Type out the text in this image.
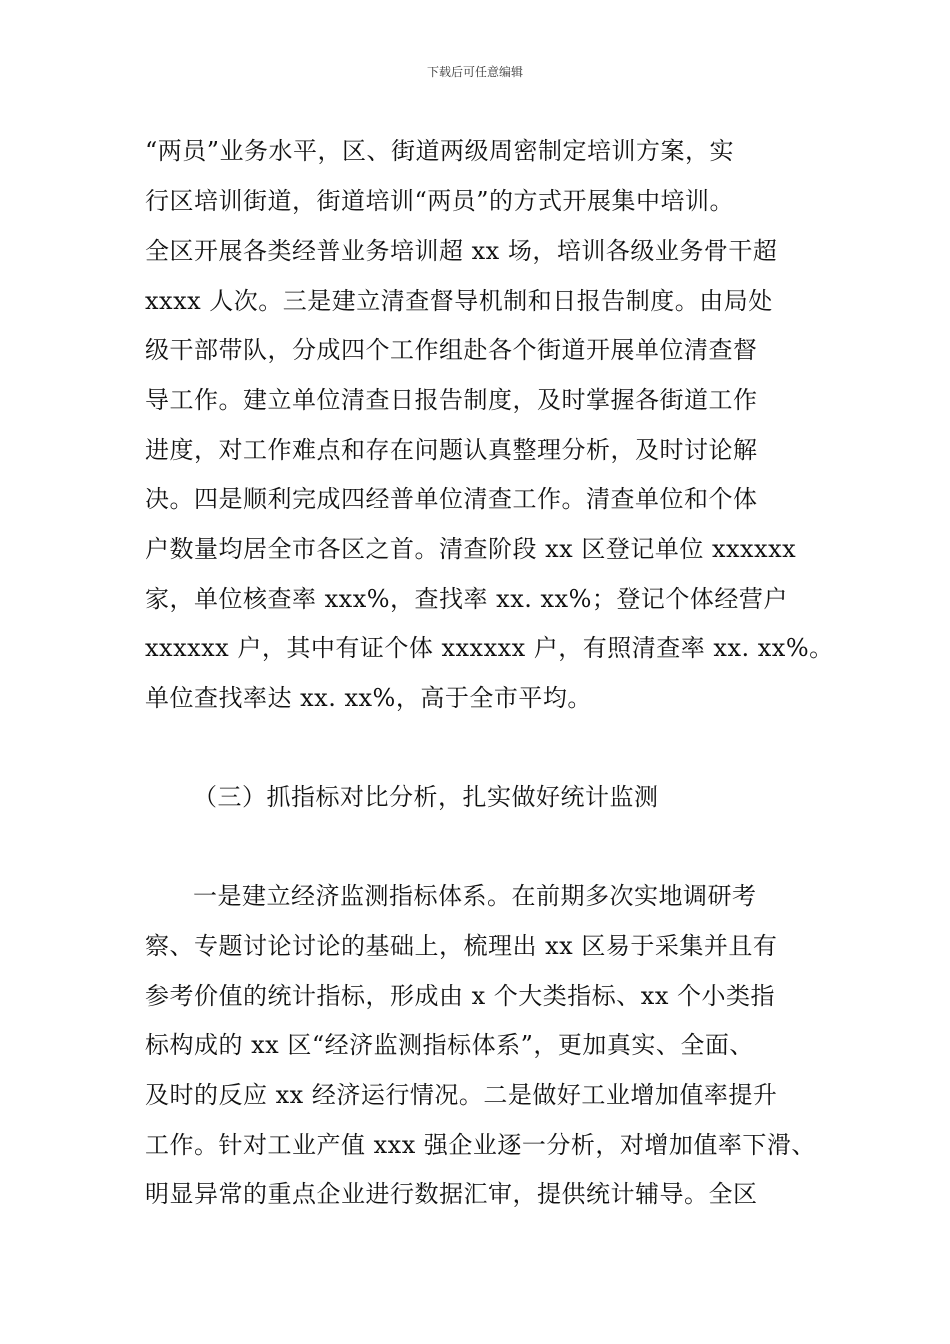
下载后可任意编辑
“两员”业务水平，区、街道两级周密制定培训方案，实
行区培训街道，街道培训“两员”的方式开展集中培训。
全区开展各类经普业务培训超 xx 场，培训各级业务骨干超
xxxx 人次。三是建立清查督导机制和日报告制度。由局处
级干部带队，分成四个工作组赴各个街道开展单位清查督
导工作。建立单位清查日报告制度，及时掌握各街道工作
进度，对工作难点和存在问题认真整理分析，及时讨论解
决。四是顺利完成四经普单位清查工作。清查单位和个体
户数量均居全市各区之首。清查阶段 xx 区登记单位 xxxxxx
家，单位核查率 xxx%，查找率 xx. xx%；登记个体经营户
xxxxxx 户，其中有证个体 xxxxxx 户，有照清查率 xx. xx%。
单位查找率达 xx. xx%，高于全市平均。
（三）抓指标对比分析，扎实做好统计监测
一是建立经济监测指标体系。在前期多次实地调研考
察、专题讨论讨论的基础上，梳理出 xx 区易于采集并且有
参考价值的统计指标，形成由 x 个大类指标、xx 个小类指
标构成的 xx 区“经济监测指标体系”，更加真实、全面、
及时的反应 xx 经济运行情况。二是做好工业增加值率提升
工作。针对工业产值 xxx 强企业逐一分析，对增加值率下滑、
明显异常的重点企业进行数据汇审，提供统计辅导。全区
